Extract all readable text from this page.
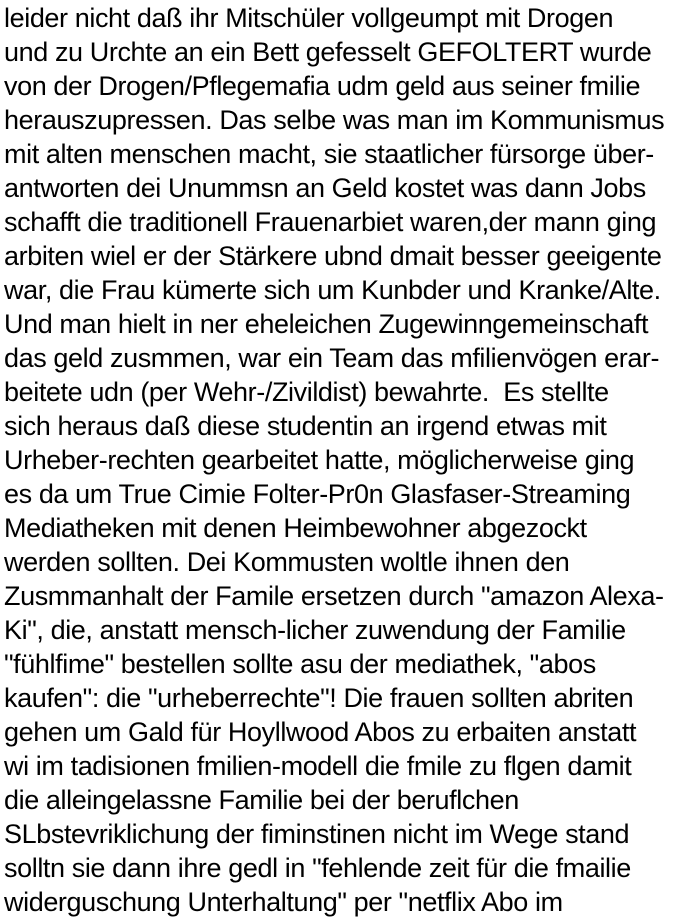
leider nicht daß ihr Mitschüler vollgeumpt mit Drogen
und zu Urchte an ein Bett gefesselt GEFOLTERT wurde
von der Drogen/Pflegemafia udm geld aus seiner fmilie
herauszupressen. Das selbe was man im Kommunismus
mit alten menschen macht, sie staatlicher fürsorge über-
antworten dei Unummsn an Geld kostet was dann Jobs
schafft die traditionell Frauenarbiet waren,der mann ging
arbiten wiel er der Stärkere ubnd dmait besser geeigente
war, die Frau kümerte sich um Kunbder und Kranke/Alte.
Und man hielt in ner eheleichen Zugewinngemeinschaft
das geld zusmmen, war ein Team das mfilienvögen erar-
beitete udn (per Wehr-/Zivildist) bewahrte.  Es stellte
sich heraus daß diese studentin an irgend etwas mit
Urheber-rechten gearbeitet hatte, möglicherweise ging
es da um True Cimie Folter-Pr0n Glasfaser-Streaming
Mediatheken mit denen Heimbewohner abgezockt
werden sollten. Dei Kommusten woltle ihnen den
Zusmmanhalt der Famile ersetzen durch "amazon Alexa-
Ki", die, anstatt mensch-licher zuwendung der Familie
"fühlfime" bestellen sollte asu der mediathek, "abos
kaufen": die "urheberrechte"! Die frauen sollten abriten
gehen um Gald für Hoyllwood Abos zu erbaiten anstatt
wi im tadisionen fmilien-modell die fmile zu flgen damit
die alleingelassne Familie bei der beruflchen
SLbstevriklichung der fiminstinen nicht im Wege stand
solltn sie dann ihre gedl in "fehlende zeit für die fmailie
widerguschung Unterhaltung" per "netflix Abo im
